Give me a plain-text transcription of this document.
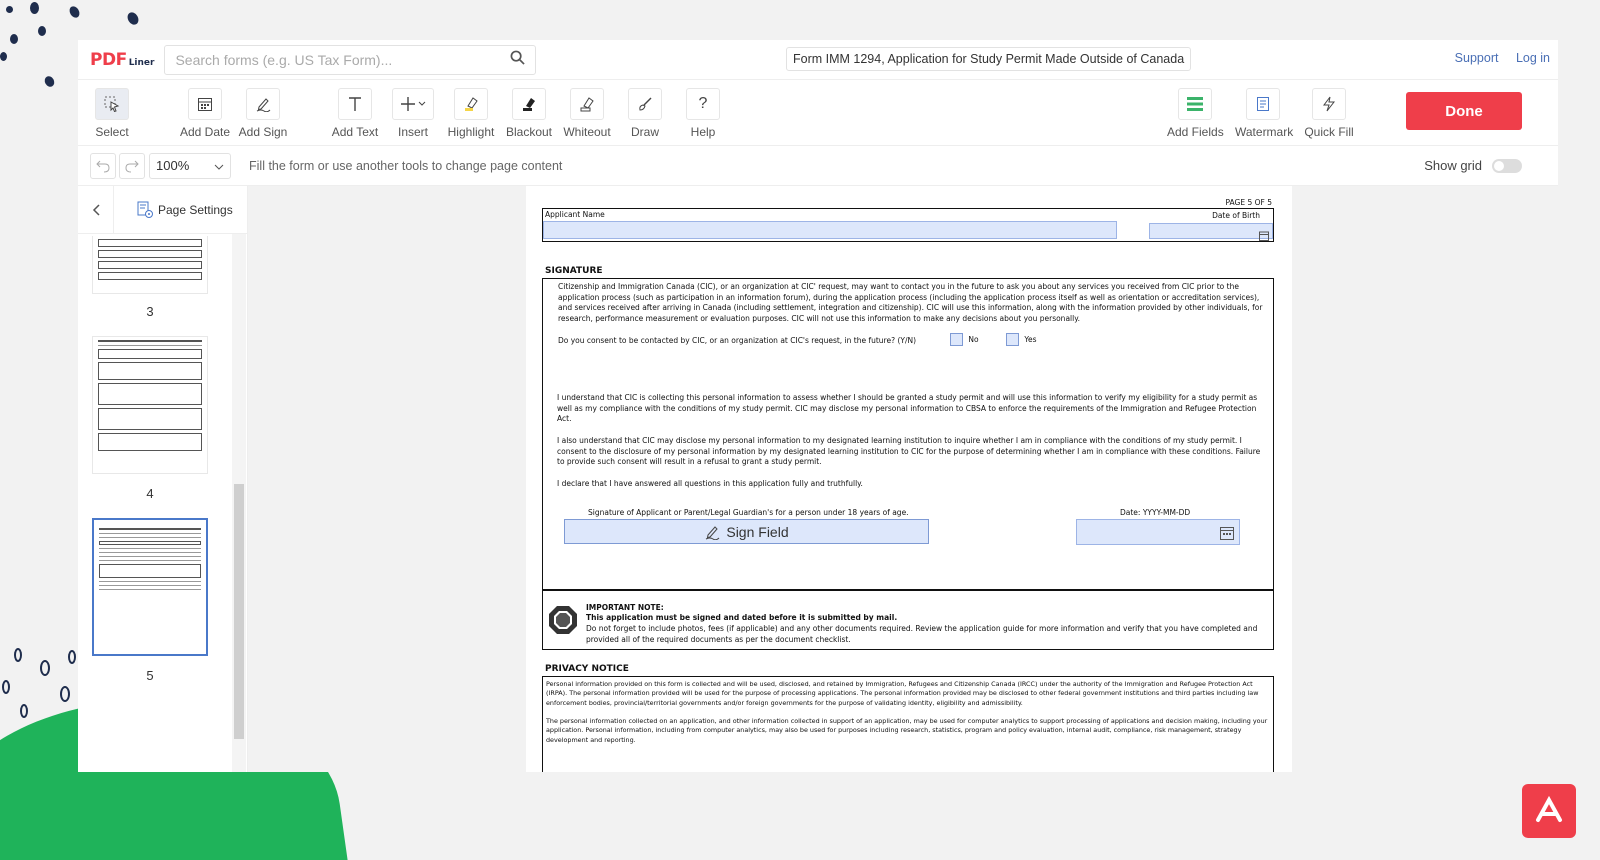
PDF Liner
Search forms (e.g. US Tax Form)...	Form IMM 1294, Application for Study Permit Made Outside of Canada	Support Log in
Select	Add Date Add Sign	Add Text	Insert	Highlight Blackout Whiteout	Draw
?
Help	Add Fields Watermark Quick Fill
Done
100%	Fill the form or use another tools to change page content	Show grid
Page Settings
3
4
5
PAGE 5 OF 5
Applicant Name	Date of Birth
SIGNATURE
Citizenship and Immigration Canada (CIC), or an organization at CIC' request, may want to contact you in the future to ask you about any services you received from CIC prior to the application process (such as participation in an information forum), during the application process (including the application process itself as well as orientation or accreditation services), and services received after arriving in Canada (including settlement, integration and citizenship). CIC will use this information, along with the information provided by other individuals, for research, performance measurement or evaluation purposes. CIC will not use this information to make any decisions about you personally.
Do you consent to be contacted by CIC, or an organization at CIC's request, in the future? (Y/N)	No	Yes
I understand that CIC is collecting this personal information to assess whether I should be granted a study permit and will use this information to verify my eligibility for a study permit as well as my compliance with the conditions of my study permit. CIC may disclose my personal information to CBSA to enforce the requirements of the Immigration and Refugee Protection Act.
I also understand that CIC may disclose my personal information to my designated learning institution to inquire whether I am in compliance with the conditions of my study permit. I consent to the disclosure of my personal information by my designated learning institution to CIC for the purpose of determining whether I am in compliance with these conditions. Failure to provide such consent will result in a refusal to grant a study permit.
I declare that I have answered all questions in this application fully and truthfully.
Signature of Applicant or Parent/Legal Guardian's for a person under 18 years of age.
Sign Field
Date: YYYY-MM-DD
IMPORTANT NOTE:
This application must be signed and dated before it is submitted by mail.
Do not forget to include photos, fees (if applicable) and any other documents required. Review the application guide for more information and verify that you have completed and provided all of the required documents as per the document checklist.
PRIVACY NOTICE
Personal information provided on this form is collected and will be used, disclosed, and retained by Immigration, Refugees and Citizenship Canada (IRCC) under the authority of the Immigration and Refugee Protection Act (IRPA). The personal information provided will be used for the purpose of processing applications. The personal information provided may be disclosed to other federal government institutions and third parties including law enforcement bodies, provincial/territorial governments and/or foreign governments for the purpose of validating identity, eligibility and admissibility.
The personal information collected on an application, and other information collected in support of an application, may be used for computer analytics to support processing of applications and decision making, including your application. Personal information, including from computer analytics, may also be used for purposes including research, statistics, program and policy evaluation, internal audit, compliance, risk management, strategy development and reporting.
